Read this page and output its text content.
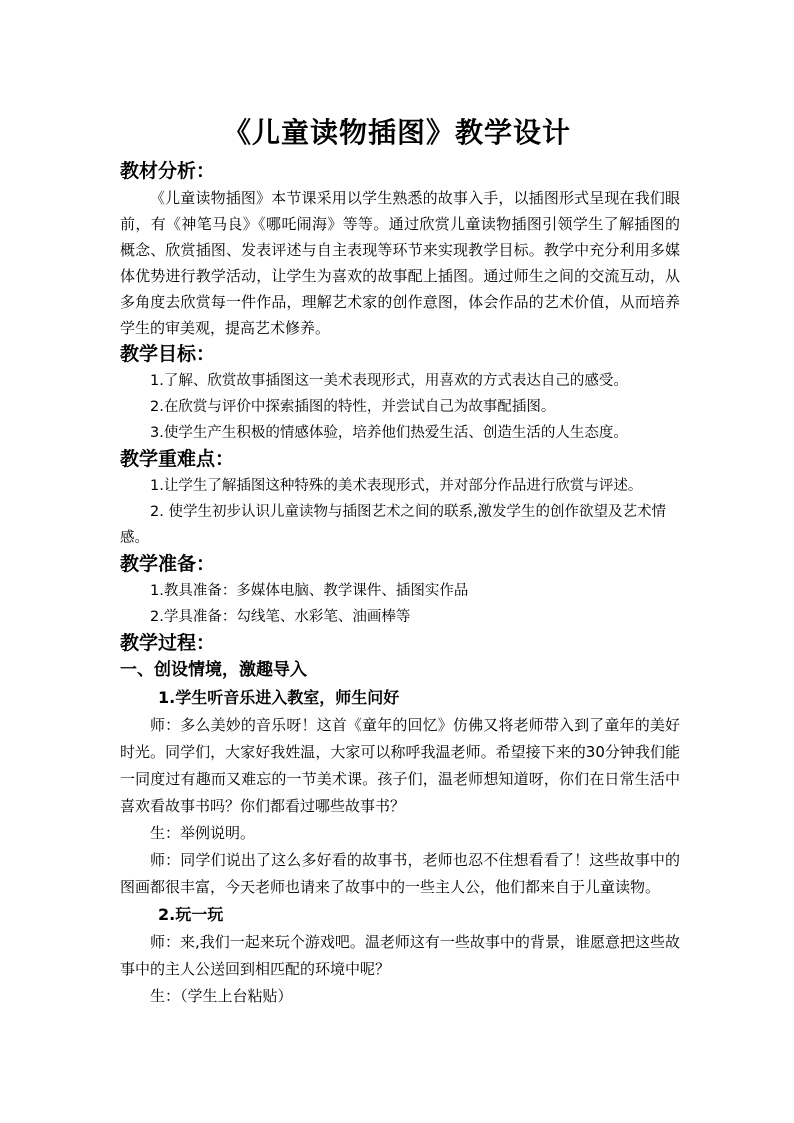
《儿童读物插图》教学设计

教材分析：

《儿童读物插图》本节课采用以学生熟悉的故事入手，以插图形式呈现在我们眼前，有《神笔马良》《哪吒闹海》等等。通过欣赏儿童读物插图引领学生了解插图的概念、欣赏插图、发表评述与自主表现等环节来实现教学目标。教学中充分利用多媒体优势进行教学活动，让学生为喜欢的故事配上插图。通过师生之间的交流互动，从多角度去欣赏每一件作品，理解艺术家的创作意图，体会作品的艺术价值，从而培养学生的审美观，提高艺术修养。

教学目标：

1.了解、欣赏故事插图这一美术表现形式，用喜欢的方式表达自己的感受。

2.在欣赏与评价中探索插图的特性，并尝试自己为故事配插图。

3.使学生产生积极的情感体验，培养他们热爱生活、创造生活的人生态度。

教学重难点：

1.让学生了解插图这种特殊的美术表现形式，并对部分作品进行欣赏与评述。

2. 使学生初步认识儿童读物与插图艺术之间的联系,激发学生的创作欲望及艺术情感。

教学准备：

1.教具准备：多媒体电脑、教学课件、插图实作品

2.学具准备：勾线笔、水彩笔、油画棒等

教学过程：

一、创设情境，激趣导入

1.学生听音乐进入教室，师生问好

师：多么美妙的音乐呀！这首《童年的回忆》仿佛又将老师带入到了童年的美好时光。同学们，大家好我姓温，大家可以称呼我温老师。希望接下来的30分钟我们能一同度过有趣而又难忘的一节美术课。孩子们，温老师想知道呀，你们在日常生活中喜欢看故事书吗？你们都看过哪些故事书？

生：举例说明。

师：同学们说出了这么多好看的故事书，老师也忍不住想看看了！这些故事中的图画都很丰富，今天老师也请来了故事中的一些主人公，他们都来自于儿童读物。

2.玩一玩

师：来,我们一起来玩个游戏吧。温老师这有一些故事中的背景，谁愿意把这些故事中的主人公送回到相匹配的环境中呢？

生：（学生上台粘贴）
